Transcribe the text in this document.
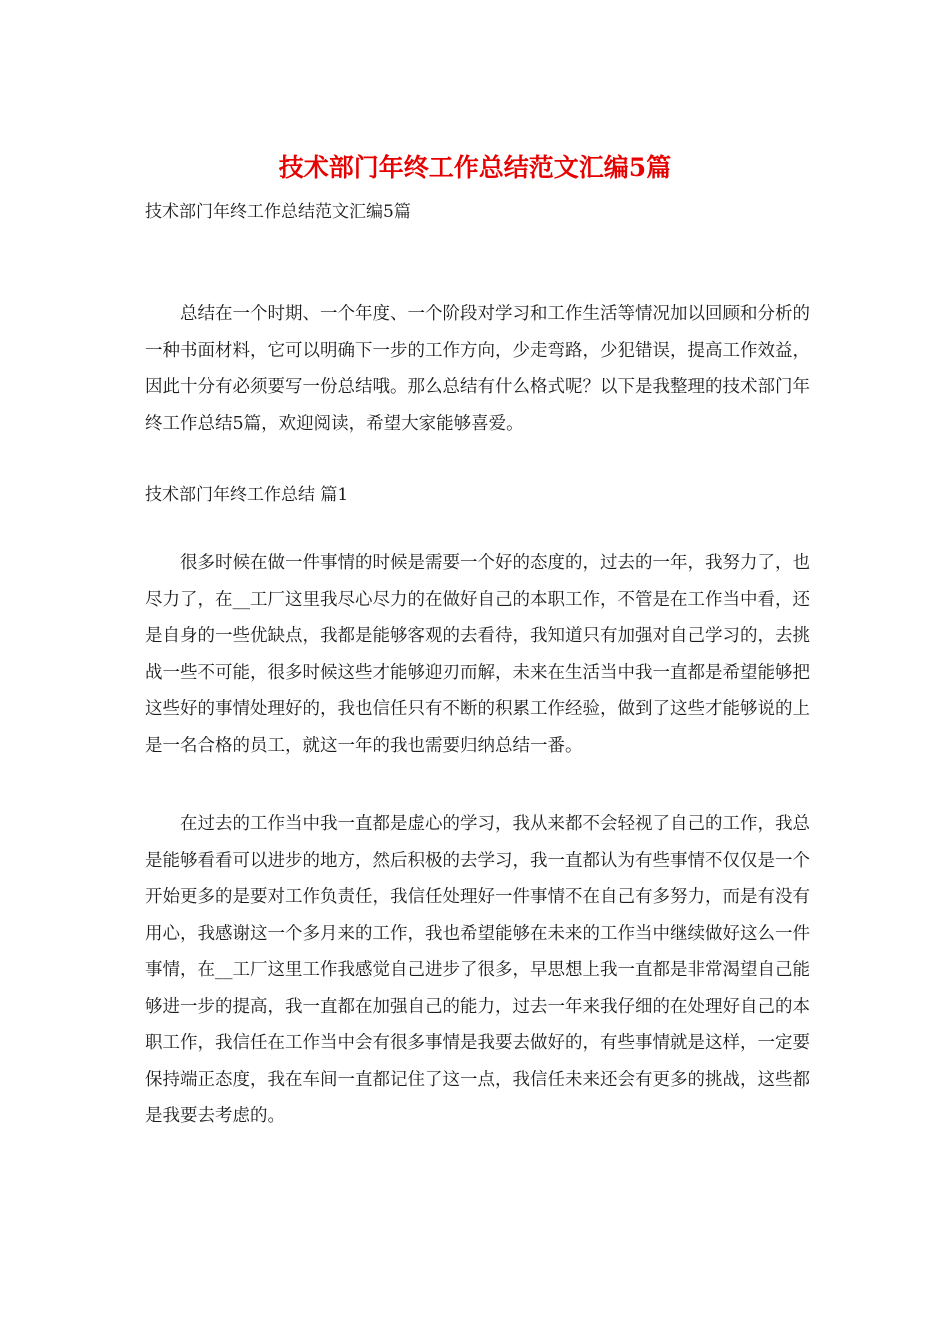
技术部门年终工作总结范文汇编5篇
技术部门年终工作总结范文汇编5篇

　　总结在一个时期、一个年度、一个阶段对学习和工作生活等情况加以回顾和分析的一种书面材料，它可以明确下一步的工作方向，少走弯路，少犯错误，提高工作效益，因此十分有必须要写一份总结哦。那么总结有什么格式呢？以下是我整理的技术部门年终工作总结5篇，欢迎阅读，希望大家能够喜爱。

技术部门年终工作总结 篇1

　　很多时候在做一件事情的时候是需要一个好的态度的，过去的一年，我努力了，也尽力了，在__工厂这里我尽心尽力的在做好自己的本职工作，不管是在工作当中看，还是自身的一些优缺点，我都是能够客观的去看待，我知道只有加强对自己学习的，去挑战一些不可能，很多时候这些才能够迎刃而解，未来在生活当中我一直都是希望能够把这些好的事情处理好的，我也信任只有不断的积累工作经验，做到了这些才能够说的上是一名合格的员工，就这一年的我也需要归纳总结一番。

　　在过去的工作当中我一直都是虚心的学习，我从来都不会轻视了自己的工作，我总是能够看看可以进步的地方，然后积极的去学习，我一直都认为有些事情不仅仅是一个开始更多的是要对工作负责任，我信任处理好一件事情不在自己有多努力，而是有没有用心，我感谢这一个多月来的工作，我也希望能够在未来的工作当中继续做好这么一件事情，在__工厂这里工作我感觉自己进步了很多，早思想上我一直都是非常渴望自己能够进一步的提高，我一直都在加强自己的能力，过去一年来我仔细的在处理好自己的本职工作，我信任在工作当中会有很多事情是我要去做好的，有些事情就是这样，一定要保持端正态度，我在车间一直都记住了这一点，我信任未来还会有更多的挑战，这些都是我要去考虑的。
